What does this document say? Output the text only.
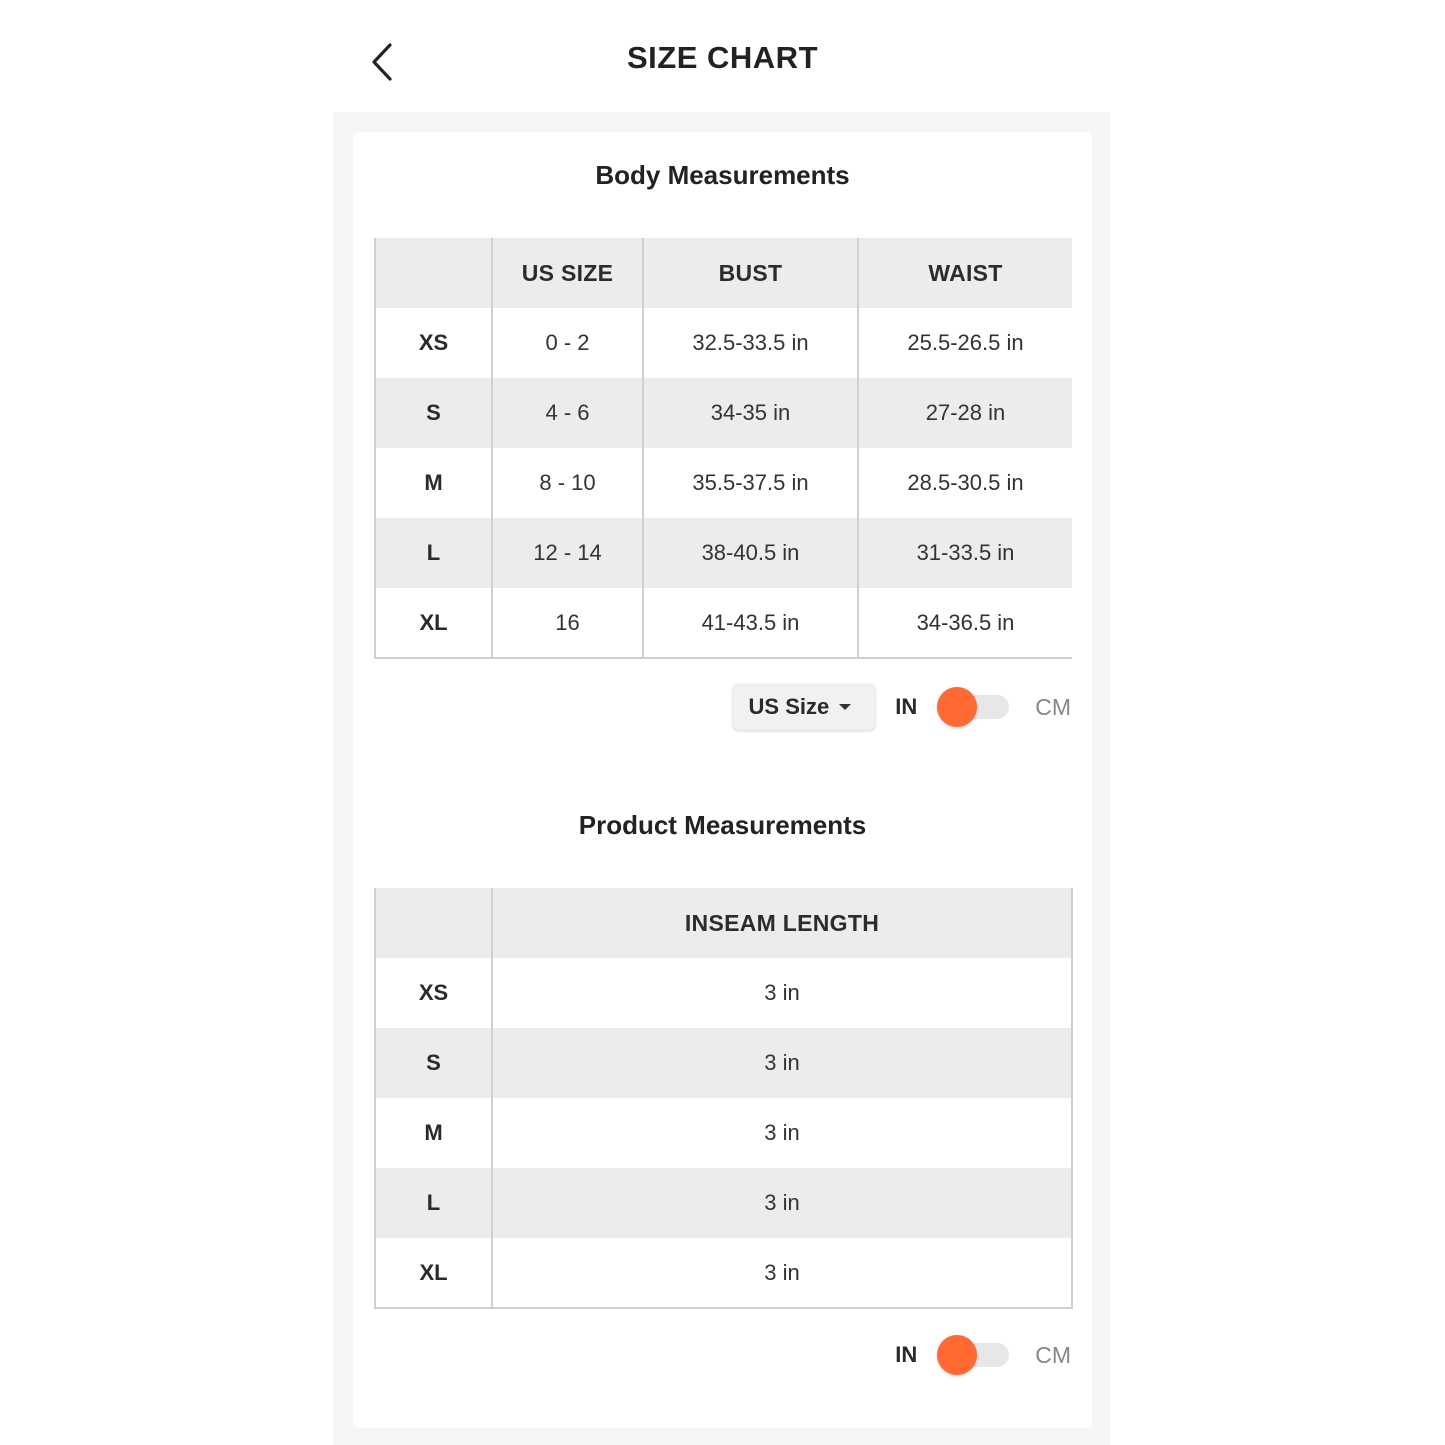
SIZE CHART
Body Measurements
	US SIZE	BUST	WAIST
XS	0 - 2	32.5-33.5 in	25.5-26.5 in
S	4 - 6	34-35 in	27-28 in
M	8 - 10	35.5-37.5 in	28.5-30.5 in
L	12 - 14	38-40.5 in	31-33.5 in
XL	16	41-43.5 in	34-36.5 in
US Size	IN	CM
Product Measurements
	INSEAM LENGTH
XS	3 in
S	3 in
M	3 in
L	3 in
XL	3 in
IN	CM
